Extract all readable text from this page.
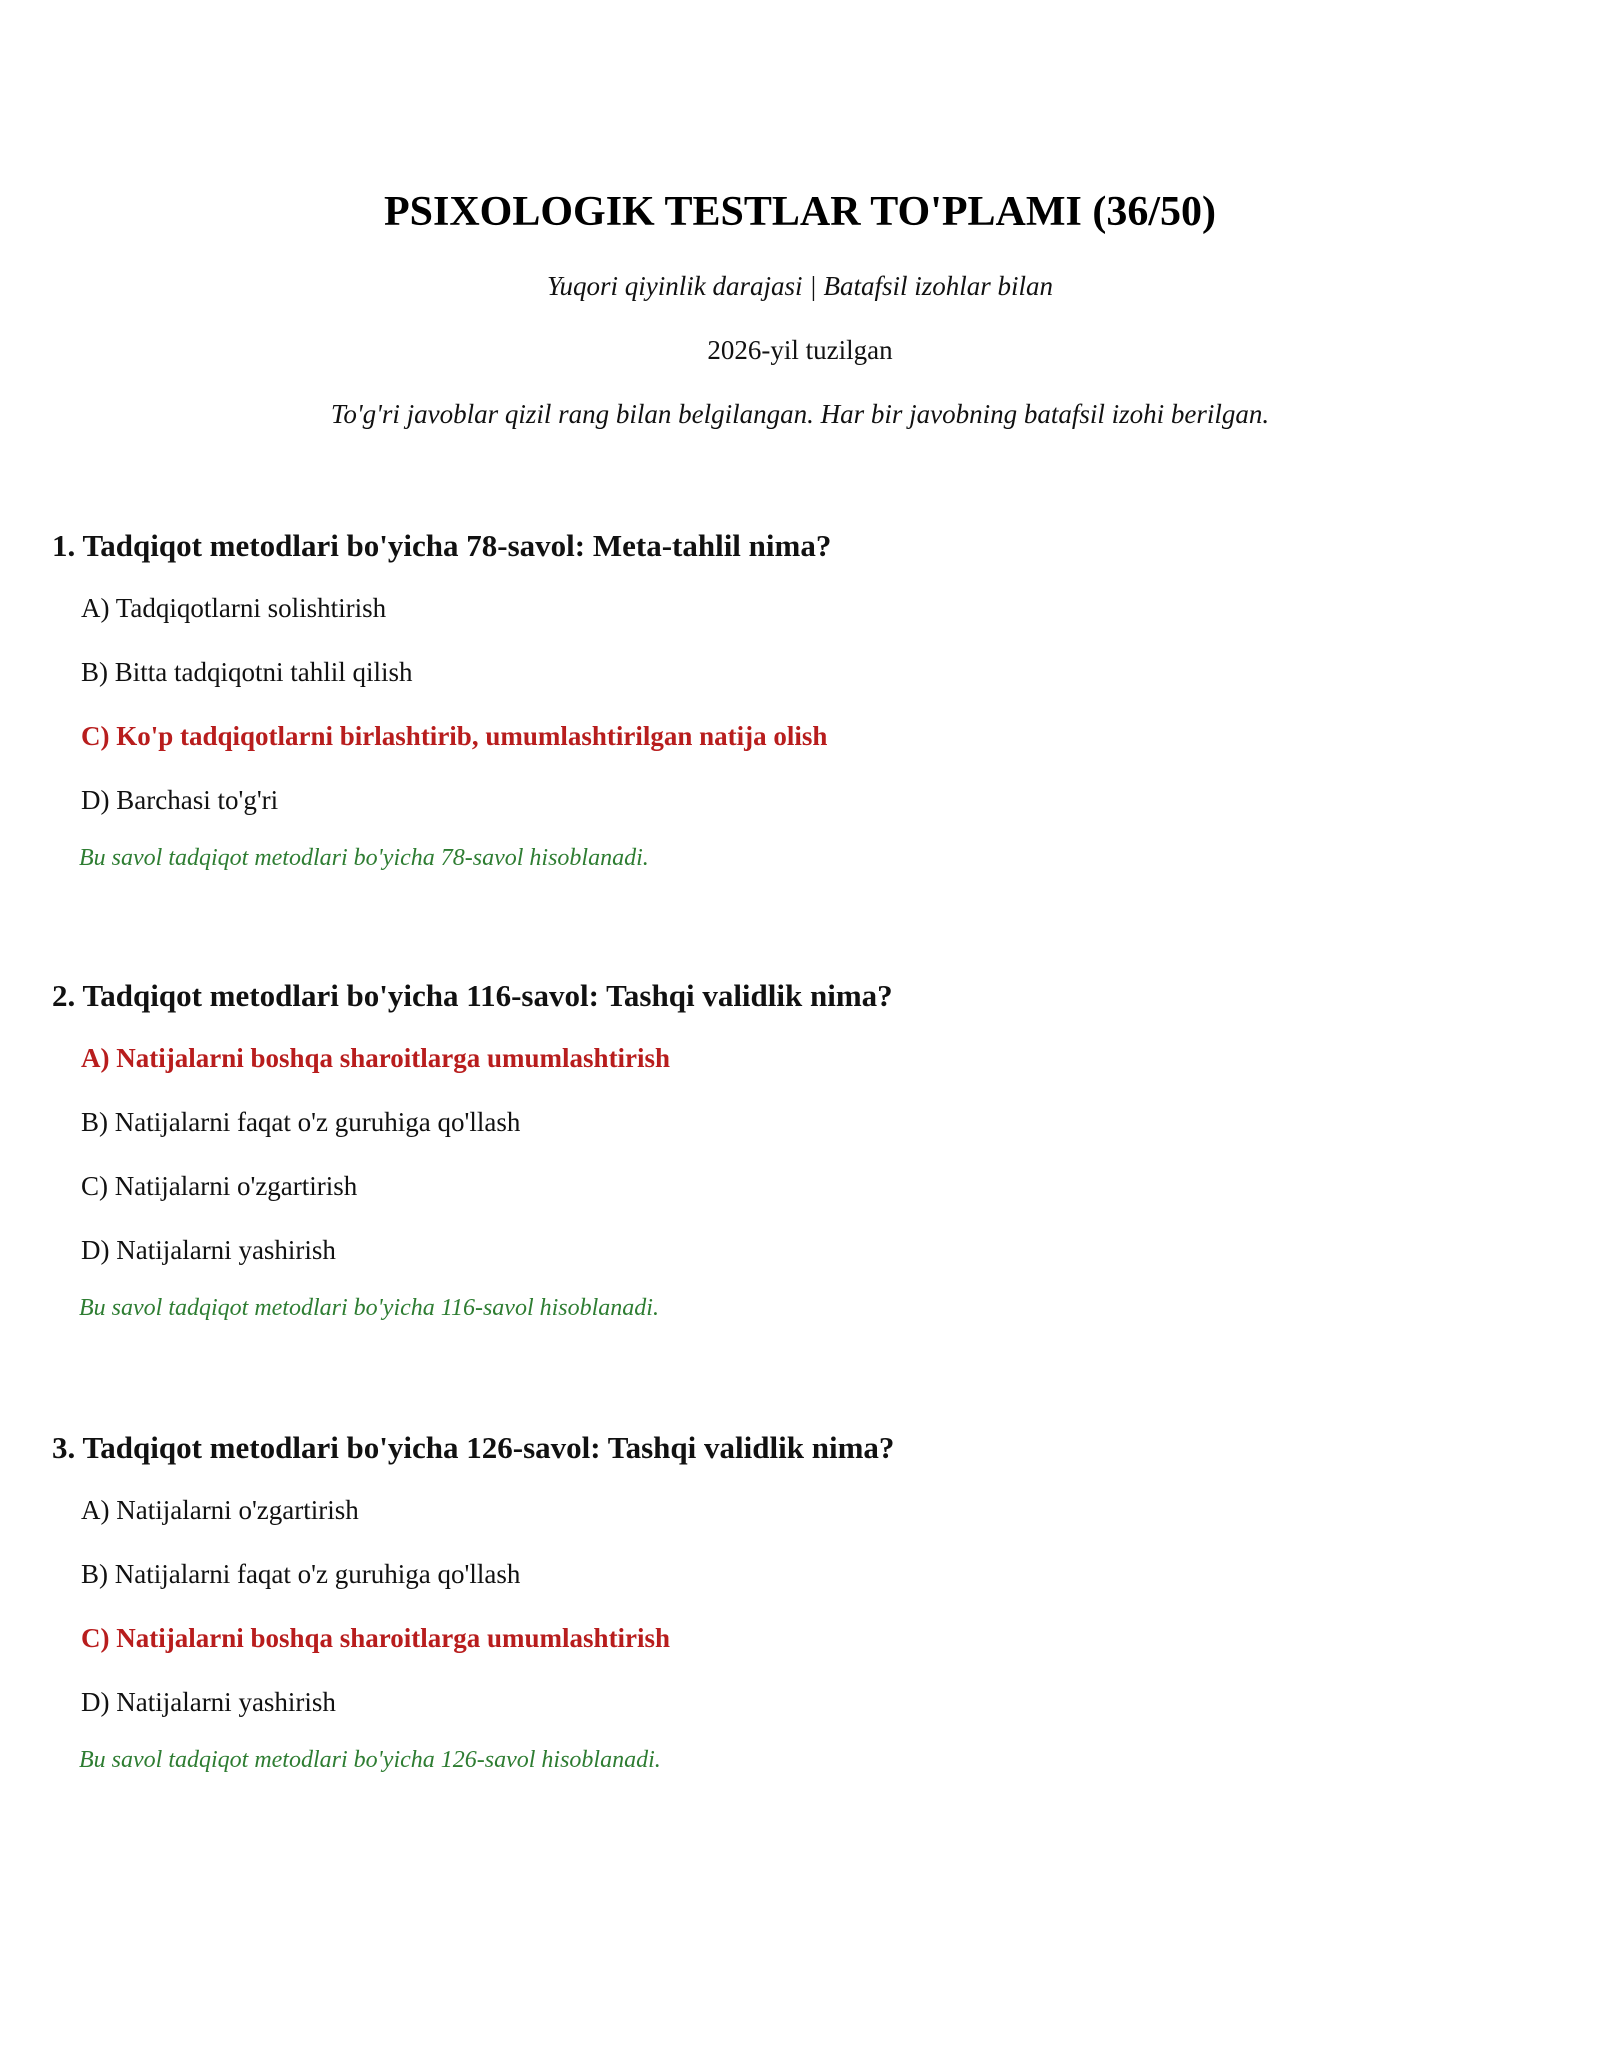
PSIXOLOGIK TESTLAR TO'PLAMI (36/50)
Yuqori qiyinlik darajasi | Batafsil izohlar bilan
2026-yil tuzilgan
To'g'ri javoblar qizil rang bilan belgilangan. Har bir javobning batafsil izohi berilgan.
1. Tadqiqot metodlari bo'yicha 78-savol: Meta-tahlil nima?
A) Tadqiqotlarni solishtirish
B) Bitta tadqiqotni tahlil qilish
C) Ko'p tadqiqotlarni birlashtirib, umumlashtirilgan natija olish
D) Barchasi to'g'ri
Bu savol tadqiqot metodlari bo'yicha 78-savol hisoblanadi.
2. Tadqiqot metodlari bo'yicha 116-savol: Tashqi validlik nima?
A) Natijalarni boshqa sharoitlarga umumlashtirish
B) Natijalarni faqat o'z guruhiga qo'llash
C) Natijalarni o'zgartirish
D) Natijalarni yashirish
Bu savol tadqiqot metodlari bo'yicha 116-savol hisoblanadi.
3. Tadqiqot metodlari bo'yicha 126-savol: Tashqi validlik nima?
A) Natijalarni o'zgartirish
B) Natijalarni faqat o'z guruhiga qo'llash
C) Natijalarni boshqa sharoitlarga umumlashtirish
D) Natijalarni yashirish
Bu savol tadqiqot metodlari bo'yicha 126-savol hisoblanadi.
